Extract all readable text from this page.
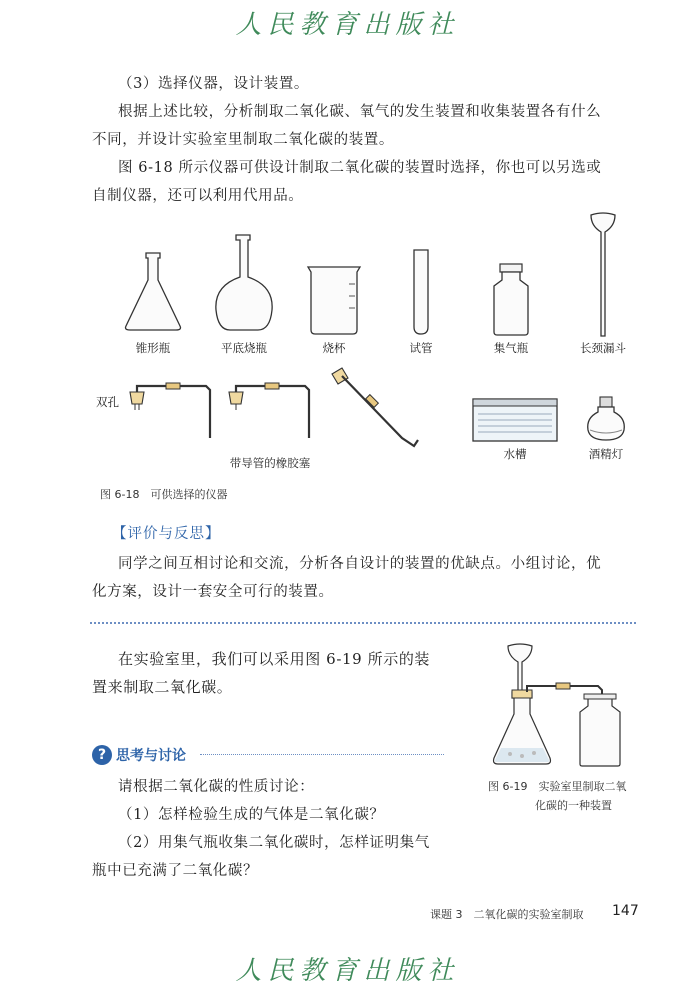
人民教育出版社
（3）选择仪器，设计装置。
根据上述比较，分析制取二氧化碳、氧气的发生装置和收集装置各有什么
不同，并设计实验室里制取二氧化碳的装置。
图 6-18 所示仪器可供设计制取二氧化碳的装置时选择，你也可以另选或
自制仪器，还可以利用代用品。
锥形瓶	平底烧瓶	烧杯	试管	集气瓶	长颈漏斗
双孔
带导管的橡胶塞
水槽	酒精灯
图 6-18　可供选择的仪器
【评价与反思】
同学之间互相讨论和交流，分析各自设计的装置的优缺点。小组讨论，优
化方案，设计一套安全可行的装置。
在实验室里，我们可以采用图 6-19 所示的装
置来制取二氧化碳。
? 思考与讨论
请根据二氧化碳的性质讨论：
（1）怎样检验生成的气体是二氧化碳？
（2）用集气瓶收集二氧化碳时，怎样证明集气
瓶中已充满了二氧化碳？
图 6-19　实验室里制取二氧
化碳的一种装置
课题 3　二氧化碳的实验室制取 147
人民教育出版社
